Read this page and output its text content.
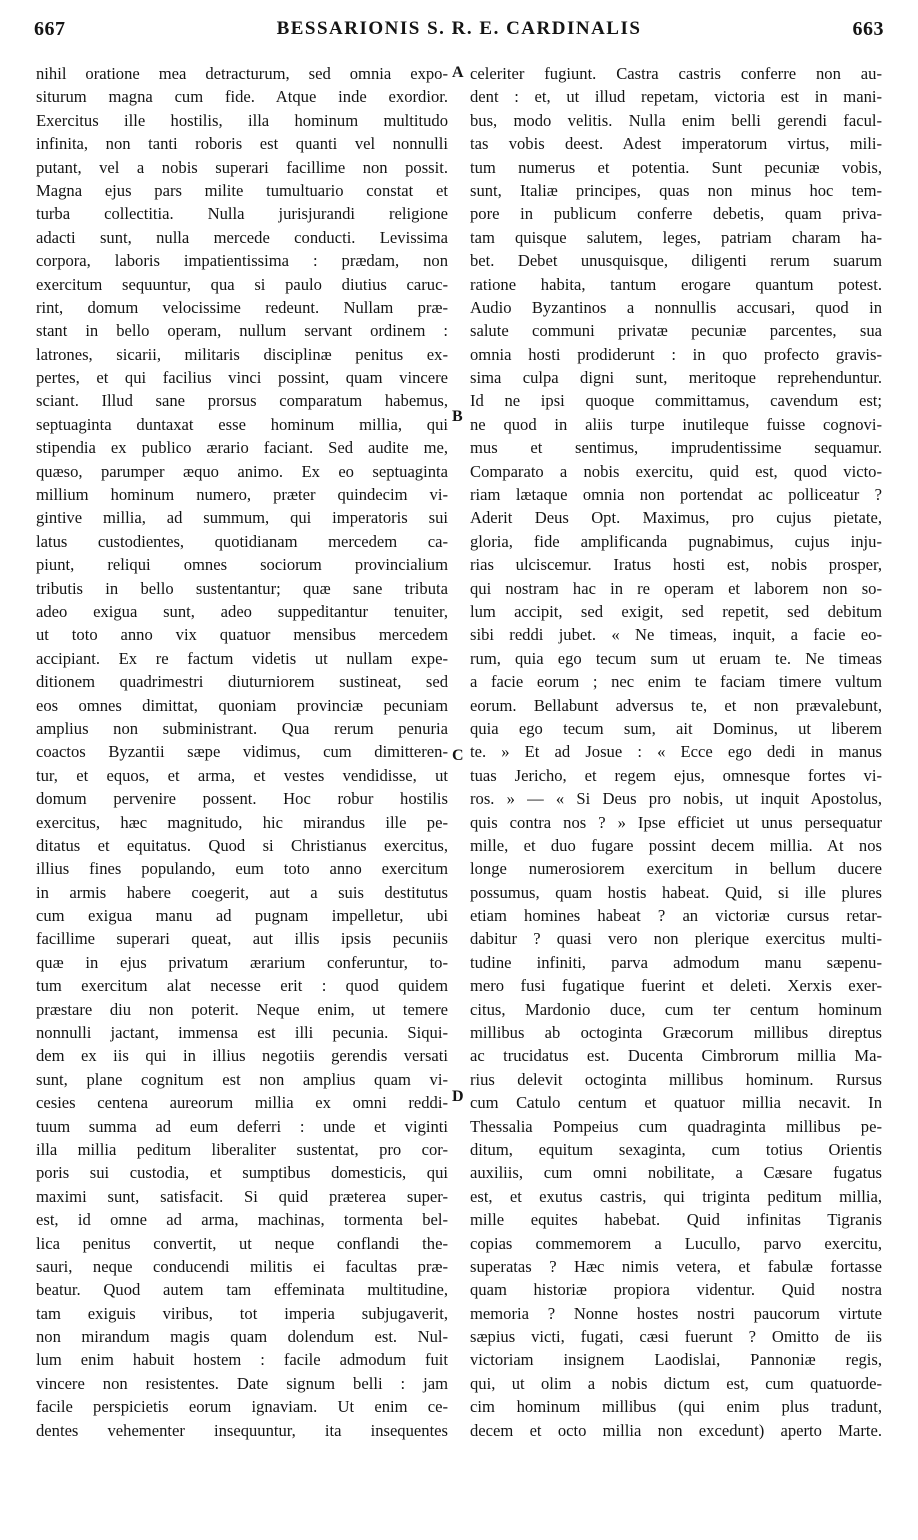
667	BESSARIONIS S. R. E. CARDINALIS	663
nihil oratione mea detracturum, sed omnia expo-
siturum magna cum fide. Atque inde exordior.
Exercitus ille hostilis, illa hominum multitudo
infinita, non tanti roboris est quanti vel nonnulli
putant, vel a nobis superari facillime non possit.
Magna ejus pars milite tumultuario constat et
turba collectitia. Nulla jurisjurandi religione
adacti sunt, nulla mercede conducti. Levissima
corpora, laboris impatientissima : prædam, non
exercitum sequuntur, qua si paulo diutius caruc-
rint, domum velocissime redeunt. Nullam præ-
stant in bello operam, nullum servant ordinem :
latrones, sicarii, militaris disciplinæ penitus ex-
pertes, et qui facilius vinci possint, quam vincere
sciant. Illud sane prorsus comparatum habemus,
septuaginta duntaxat esse hominum millia, qui
stipendia ex publico ærario faciant. Sed audite me,
quæso, parumper æquo animo. Ex eo septuaginta
millium hominum numero, præter quindecim vi-
gintive millia, ad summum, qui imperatoris sui
latus custodientes, quotidianam mercedem ca-
piunt, reliqui omnes sociorum provincialium
tributis in bello sustentantur; quæ sane tributa
adeo exigua sunt, adeo suppeditantur tenuiter,
ut toto anno vix quatuor mensibus mercedem
accipiant. Ex re factum videtis ut nullam expe-
ditionem quadrimestri diuturniorem sustineat, sed
eos omnes dimittat, quoniam provinciæ pecuniam
amplius non subministrant. Qua rerum penuria
coactos Byzantii sæpe vidimus, cum dimitteren-
tur, et equos, et arma, et vestes vendidisse, ut
domum pervenire possent. Hoc robur hostilis
exercitus, hæc magnitudo, hic mirandus ille pe-
ditatus et equitatus. Quod si Christianus exercitus,
illius fines populando, eum toto anno exercitum
in armis habere coegerit, aut a suis destitutus
cum exigua manu ad pugnam impelletur, ubi
facillime superari queat, aut illis ipsis pecuniis
quæ in ejus privatum ærarium conferuntur, to-
tum exercitum alat necesse erit : quod quidem
præstare diu non poterit. Neque enim, ut temere
nonnulli jactant, immensa est illi pecunia. Siqui-
dem ex iis qui in illius negotiis gerendis versati
sunt, plane cognitum est non amplius quam vi-
cesies centena aureorum millia ex omni reddi-
tuum summa ad eum deferri : unde et viginti
illa millia peditum liberaliter sustentat, pro cor-
poris sui custodia, et sumptibus domesticis, qui
maximi sunt, satisfacit. Si quid præterea super-
est, id omne ad arma, machinas, tormenta bel-
lica penitus convertit, ut neque conflandi the-
sauri, neque conducendi militis ei facultas præ-
beatur. Quod autem tam effeminata multitudine,
tam exiguis viribus, tot imperia subjugaverit,
non mirandum magis quam dolendum est. Nul-
lum enim habuit hostem : facile admodum fuit
vincere non resistentes. Date signum belli : jam
facile perspicietis eorum ignaviam. Ut enim ce-
dentes vehementer insequuntur, ita insequentes
celeriter fugiunt. Castra castris conferre non au-
dent : et, ut illud repetam, victoria est in mani-
bus, modo velitis. Nulla enim belli gerendi facul-
tas vobis deest. Adest imperatorum virtus, mili-
tum numerus et potentia. Sunt pecuniæ vobis,
sunt, Italiæ principes, quas non minus hoc tem-
pore in publicum conferre debetis, quam priva-
tam quisque salutem, leges, patriam charam ha-
bet. Debet unusquisque, diligenti rerum suarum
ratione habita, tantum erogare quantum potest.
Audio Byzantinos a nonnullis accusari, quod in
salute communi privatæ pecuniæ parcentes, sua
omnia hosti prodiderunt : in quo profecto gravis-
sima culpa digni sunt, meritoque reprehenduntur.
Id ne ipsi quoque committamus, cavendum est;
ne quod in aliis turpe inutileque fuisse cognovi-
mus et sentimus, imprudentissime sequamur.
Comparato a nobis exercitu, quid est, quod victo-
riam lætaque omnia non portendat ac polliceatur ?
Aderit Deus Opt. Maximus, pro cujus pietate,
gloria, fide amplificanda pugnabimus, cujus inju-
rias ulciscemur. Iratus hosti est, nobis prosper,
qui nostram hac in re operam et laborem non so-
lum accipit, sed exigit, sed repetit, sed debitum
sibi reddi jubet. « Ne timeas, inquit, a facie eo-
rum, quia ego tecum sum ut eruam te. Ne timeas
a facie eorum ; nec enim te faciam timere vultum
eorum. Bellabunt adversus te, et non prævalebunt,
quia ego tecum sum, ait Dominus, ut liberem
te. » Et ad Josue : « Ecce ego dedi in manus
tuas Jericho, et regem ejus, omnesque fortes vi-
ros. » — « Si Deus pro nobis, ut inquit Apostolus,
quis contra nos ? » Ipse efficiet ut unus persequatur
mille, et duo fugare possint decem millia. At nos
longe numerosiorem exercitum in bellum ducere
possumus, quam hostis habeat. Quid, si ille plures
etiam homines habeat ? an victoriæ cursus retar-
dabitur ? quasi vero non plerique exercitus multi-
tudine infiniti, parva admodum manu sæpenu-
mero fusi fugatique fuerint et deleti. Xerxis exer-
citus, Mardonio duce, cum ter centum hominum
millibus ab octoginta Græcorum millibus direptus
ac trucidatus est. Ducenta Cimbrorum millia Ma-
rius delevit octoginta millibus hominum. Rursus
cum Catulo centum et quatuor millia necavit. In
Thessalia Pompeius cum quadraginta millibus pe-
ditum, equitum sexaginta, cum totius Orientis
auxiliis, cum omni nobilitate, a Cæsare fugatus
est, et exutus castris, qui triginta peditum millia,
mille equites habebat. Quid infinitas Tigranis
copias commemorem a Lucullo, parvo exercitu,
superatas ? Hæc nimis vetera, et fabulæ fortasse
quam historiæ propiora videntur. Quid nostra
memoria ? Nonne hostes nostri paucorum virtute
sæpius victi, fugati, cæsi fuerunt ? Omitto de iis
victoriam insignem Laodislai, Pannoniæ regis,
qui, ut olim a nobis dictum est, cum quatuorde-
cim hominum millibus (qui enim plus tradunt,
decem et octo millia non excedunt) aperto Marte.
A
B
C
D
